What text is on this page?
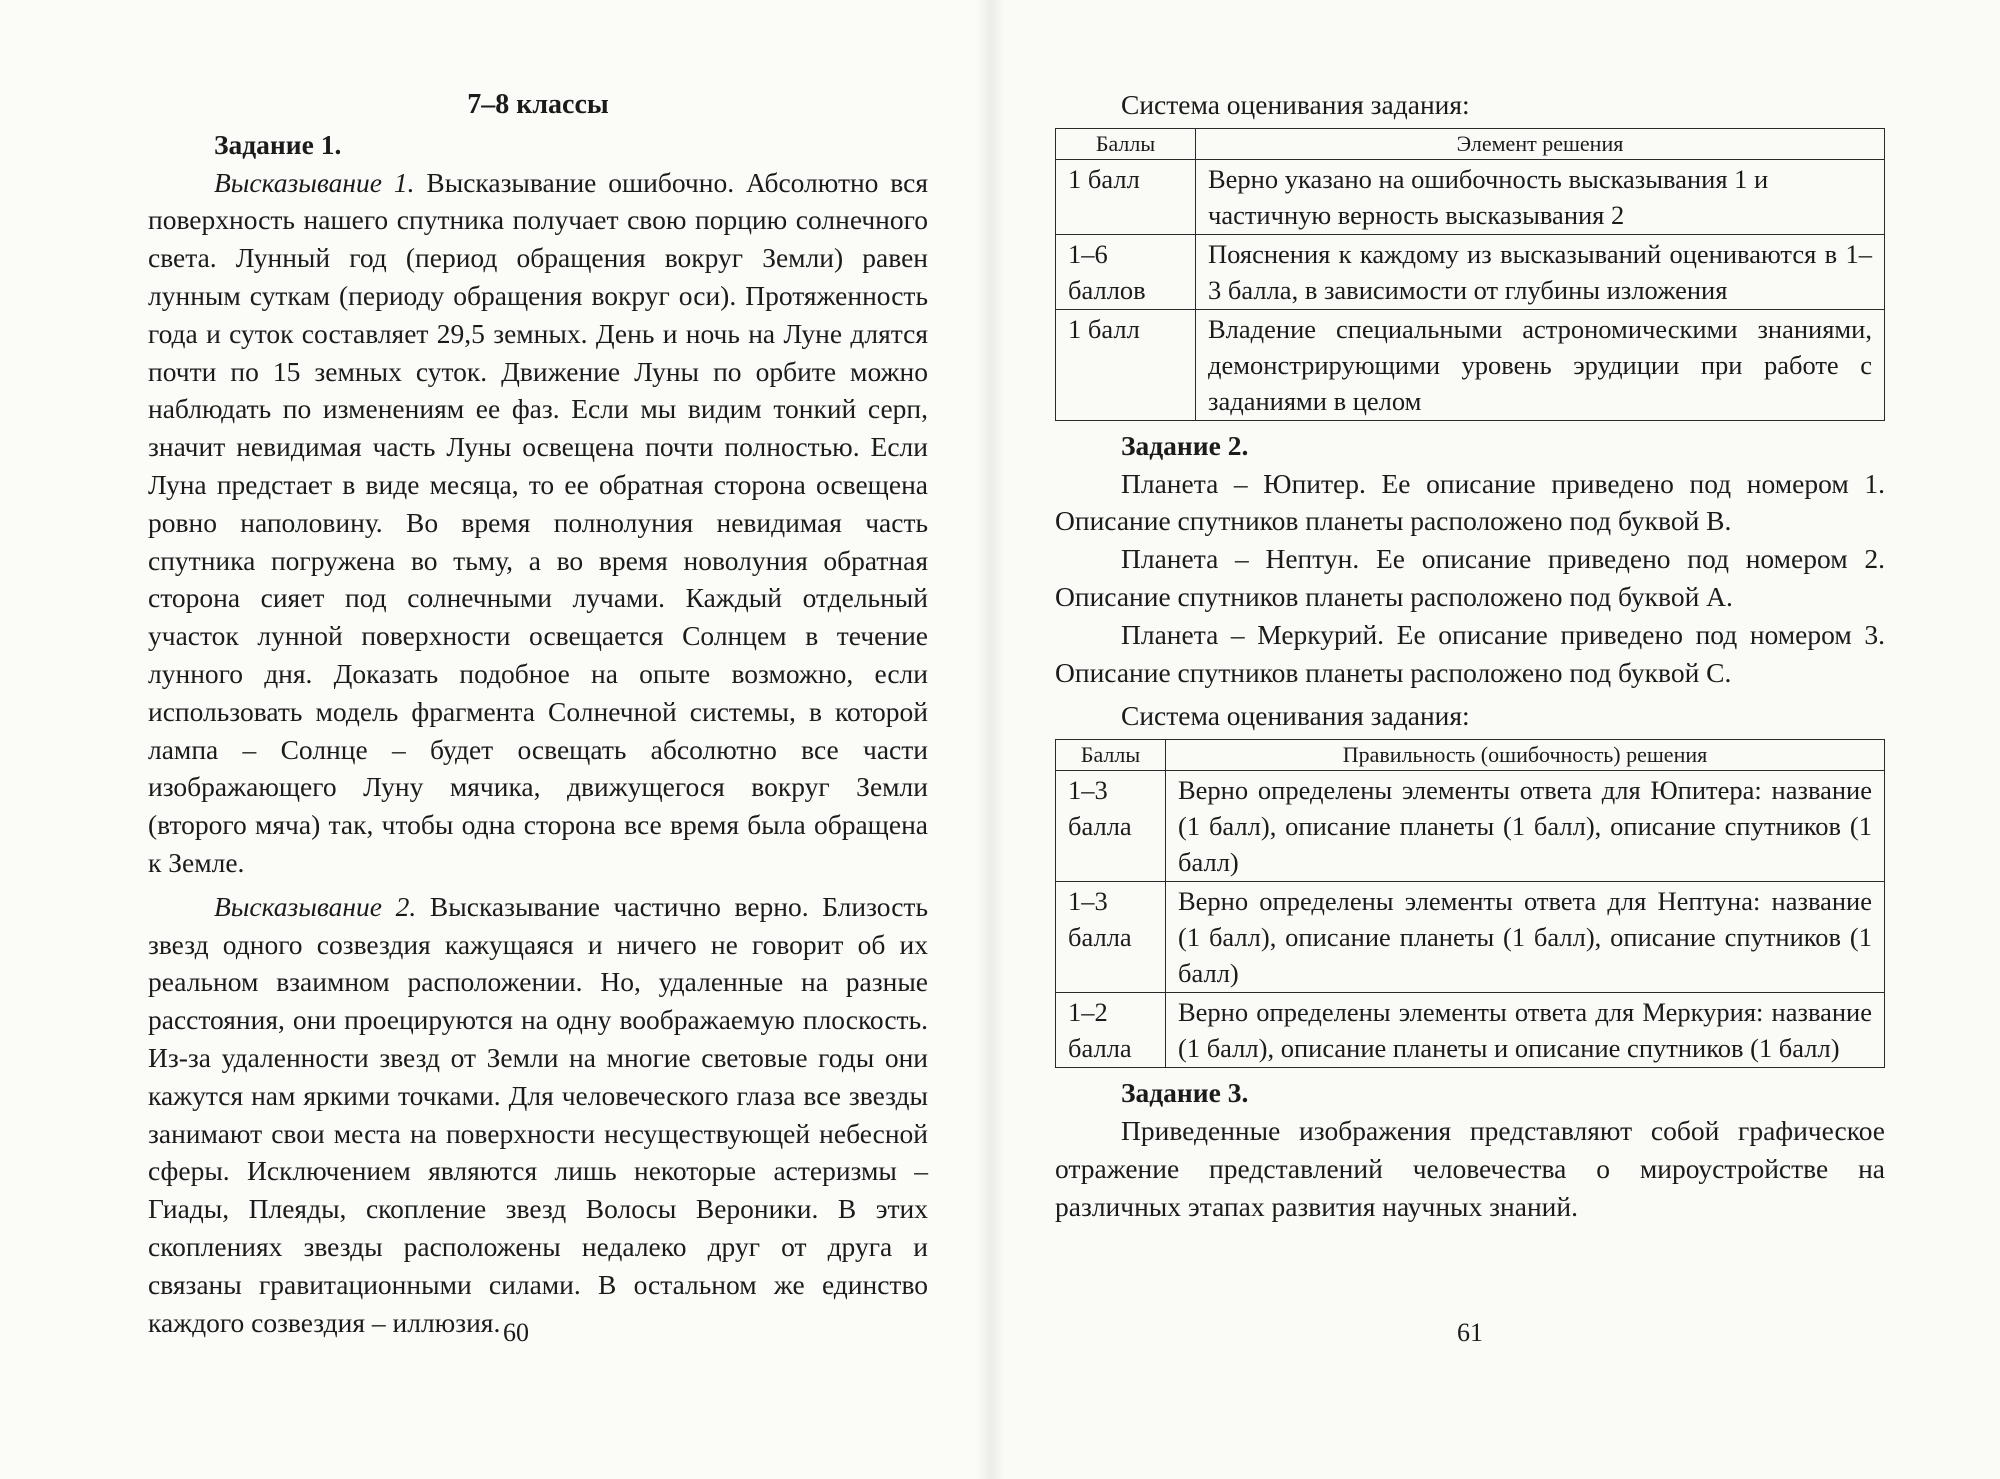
7–8 классы
Задание 1.

Высказывание 1. Высказывание ошибочно. Абсолютно вся поверхность нашего спутника получает свою порцию солнечного света. Лунный год (период обращения вокруг Земли) равен лунным суткам (периоду обращения вокруг оси). Протяженность года и суток составляет 29,5 земных. День и ночь на Луне длятся почти по 15 земных суток. Движение Луны по орбите можно наблюдать по изменениям ее фаз. Если мы видим тонкий серп, значит невидимая часть Луны освещена почти полностью. Если Луна предстает в виде месяца, то ее обратная сторона освещена ровно наполовину. Во время полнолуния невидимая часть спутника погружена во тьму, а во время новолуния обратная сторона сияет под солнечными лучами. Каждый отдельный участок лунной поверхности освещается Солнцем в течение лунного дня. Доказать подобное на опыте возможно, если использовать модель фрагмента Солнечной системы, в которой лампа – Солнце – будет освещать абсолютно все части изображающего Луну мячика, движущегося вокруг Земли (второго мяча) так, чтобы одна сторона все время была обращена к Земле.

Высказывание 2. Высказывание частично верно. Близость звезд одного созвездия кажущаяся и ничего не говорит об их реальном взаимном расположении. Но, удаленные на разные расстояния, они проецируются на одну воображаемую плоскость. Из-за удаленности звезд от Земли на многие световые годы они кажутся нам яркими точками. Для человеческого глаза все звезды занимают свои места на поверхности несуществующей небесной сферы. Исключением являются лишь некоторые астеризмы – Гиады, Плеяды, скопление звезд Волосы Вероники. В этих скоплениях звезды расположены недалеко друг от друга и связаны гравитационными силами. В остальном же единство каждого созвездия – иллюзия. 60	61

Система оценивания задания:

Баллы	Элемент решения
1 балл	Верно указано на ошибочность высказывания 1 и частичную верность высказывания 2
1–6 баллов	Пояснения к каждому из высказываний оцениваются в 1–3 балла, в зависимости от глубины изложения
1 балл	Владение специальными астрономическими знаниями, демонстрирующими уровень эрудиции при работе с заданиями в целом
Задание 2.

Планета – Юпитер. Ее описание приведено под номером 1. Описание спутников планеты расположено под буквой B.

Планета – Нептун. Ее описание приведено под номером 2. Описание спутников планеты расположено под буквой A.

Планета – Меркурий. Ее описание приведено под номером 3. Описание спутников планеты расположено под буквой C.

Система оценивания задания:

Баллы	Правильность (ошибочность) решения
1–3 балла	Верно определены элементы ответа для Юпитера: название (1 балл), описание планеты (1 балл), описание спутников (1 балл)
1–3 балла	Верно определены элементы ответа для Нептуна: название (1 балл), описание планеты (1 балл), описание спутников (1 балл)
1–2 балла	Верно определены элементы ответа для Меркурия: название (1 балл), описание планеты и описание спутников (1 балл)
Задание 3.

Приведенные изображения представляют собой графическое отражение представлений человечества о мироустройстве на различных этапах развития научных знаний.
